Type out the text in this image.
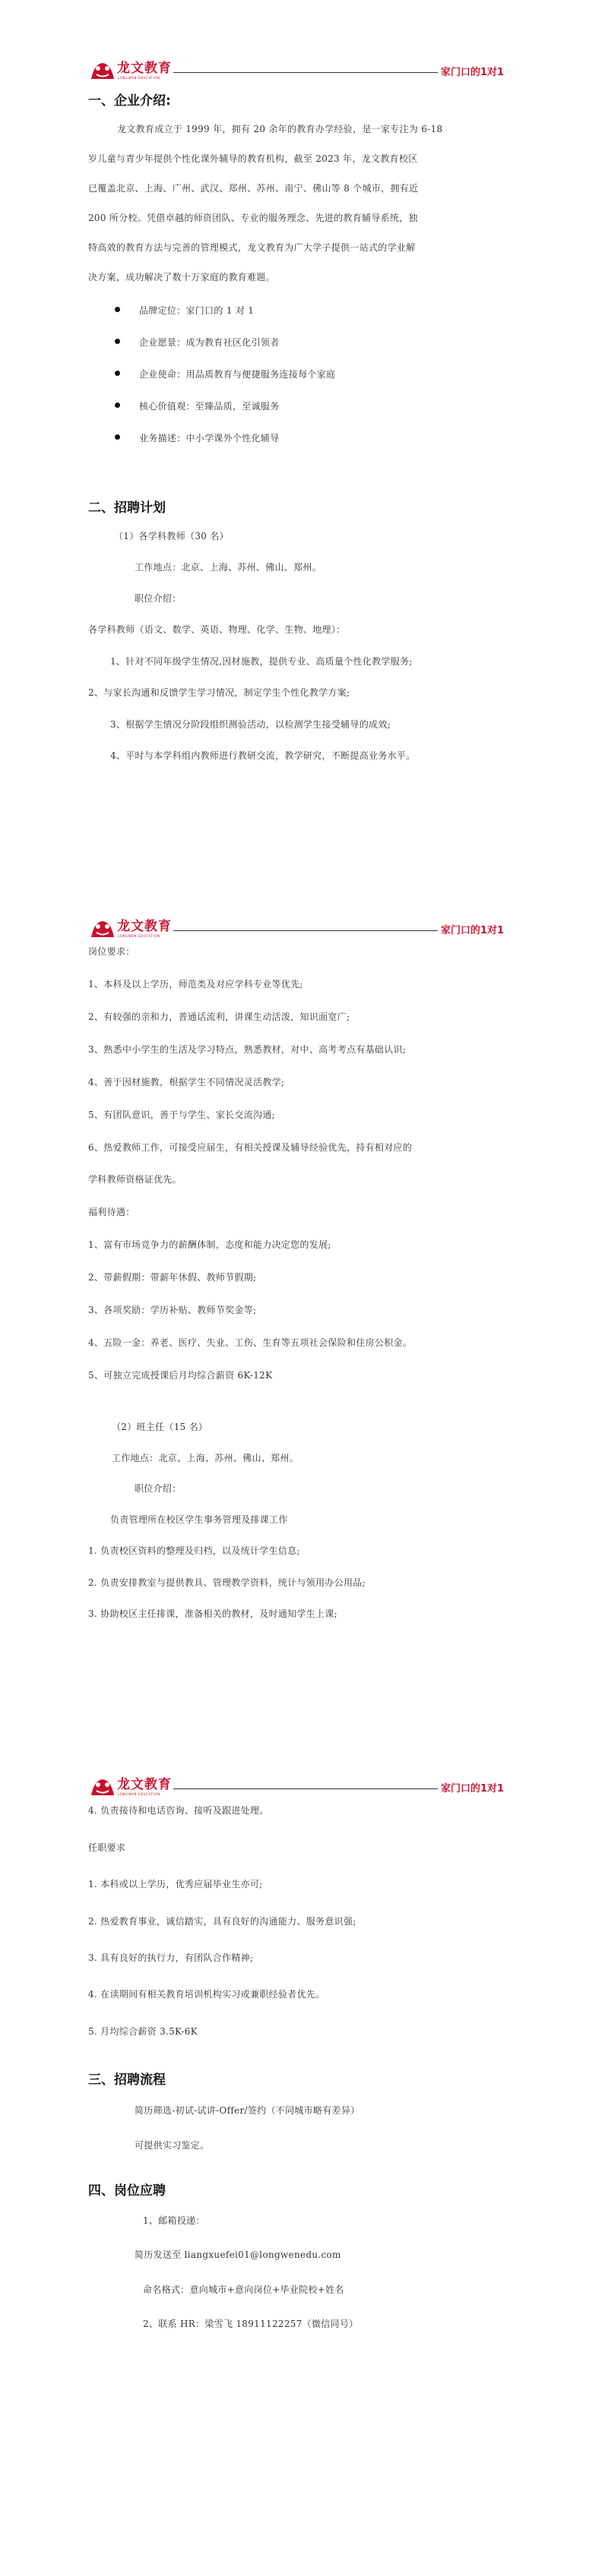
龙文教育
LONGWEN EDUCATION	家门口的1对1
一、企业介绍:
龙文教育成立于 1999 年，拥有 20 余年的教育办学经验，是一家专注为 6-18
岁儿童与青少年提供个性化课外辅导的教育机构，截至 2023 年，龙文教育校区
已覆盖北京、上海、广州、武汉、郑州、苏州、南宁、佛山等 8 个城市，拥有近
200 所分校。凭借卓越的师资团队、专业的服务理念、先进的教育辅导系统，独
特高效的教育方法与完善的管理模式，龙文教育为广大学子提供一站式的学业解
决方案，成功解决了数十万家庭的教育难题。
品牌定位：家门口的 1 对 1
企业愿景：成为教育社区化引领者
企业使命：用品质教育与便捷服务连接每个家庭
核心价值观：至臻品质，至诚服务
业务描述：中小学课外个性化辅导
二、招聘计划
（1）各学科教师（30 名）
工作地点：北京、上海、苏州、佛山、郑州。
职位介绍：
各学科教师（语文、数学、英语、物理、化学、生物、地理）：
1、针对不同年级学生情况,因材施教，提供专业、高质量个性化教学服务;
2、与家长沟通和反馈学生学习情况，制定学生个性化教学方案;
3、根据学生情况分阶段组织测验活动，以检测学生接受辅导的成效;
4、平时与本学科组内教师进行教研交流，教学研究，不断提高业务水平。
龙文教育
LONGWEN EDUCATION	家门口的1对1
岗位要求：
1、本科及以上学历，师范类及对应学科专业等优先;
2、有较强的亲和力，普通话流利，讲课生动活泼，知识面宽广;
3、熟悉中小学生的生活及学习特点，熟悉教材，对中、高考考点有基础认识;
4、善于因材施教，根据学生不同情况灵活教学;
5、有团队意识，善于与学生、家长交流沟通;
6、热爱教师工作，可接受应届生，有相关授课及辅导经验优先，持有相对应的
学科教师资格证优先。
福利待遇：
1、富有市场竞争力的薪酬体制，态度和能力决定您的发展;
2、带薪假期：带薪年休假、教师节假期;
3、各项奖励：学历补贴、教师节奖金等;
4、五险一金：养老、医疗、失业、工伤、生育等五项社会保险和住房公积金。
5、可独立完成授课后月均综合薪资 6K-12K
（2）班主任（15 名）
工作地点：北京、上海、苏州、佛山、郑州。
职位介绍：
负责管理所在校区学生事务管理及排课工作
1. 负责校区资料的整理及归档，以及统计学生信息;
2. 负责安排教室与提供教具、管理教学资料，统计与领用办公用品;
3. 协助校区主任排课，准备相关的教材，及时通知学生上课;
龙文教育
LONGWEN EDUCATION	家门口的1对1
4. 负责接待和电话咨询、接听及跟进处理。
任职要求
1. 本科或以上学历，优秀应届毕业生亦可;
2. 热爱教育事业，诚信踏实，具有良好的沟通能力、服务意识强;
3. 具有良好的执行力，有团队合作精神;
4. 在读期间有相关教育培训机构实习或兼职经验者优先。
5. 月均综合薪资 3.5K-6K
三、招聘流程
简历筛选-初试-试讲-Offer/签约（不同城市略有差异）
可提供实习鉴定。
四、岗位应聘
1、邮箱投递：
简历发送至 liangxuefei01@longwenedu.com
命名格式：意向城市+意向岗位+毕业院校+姓名
2、联系 HR：梁雪飞 18911122257（微信同号）
